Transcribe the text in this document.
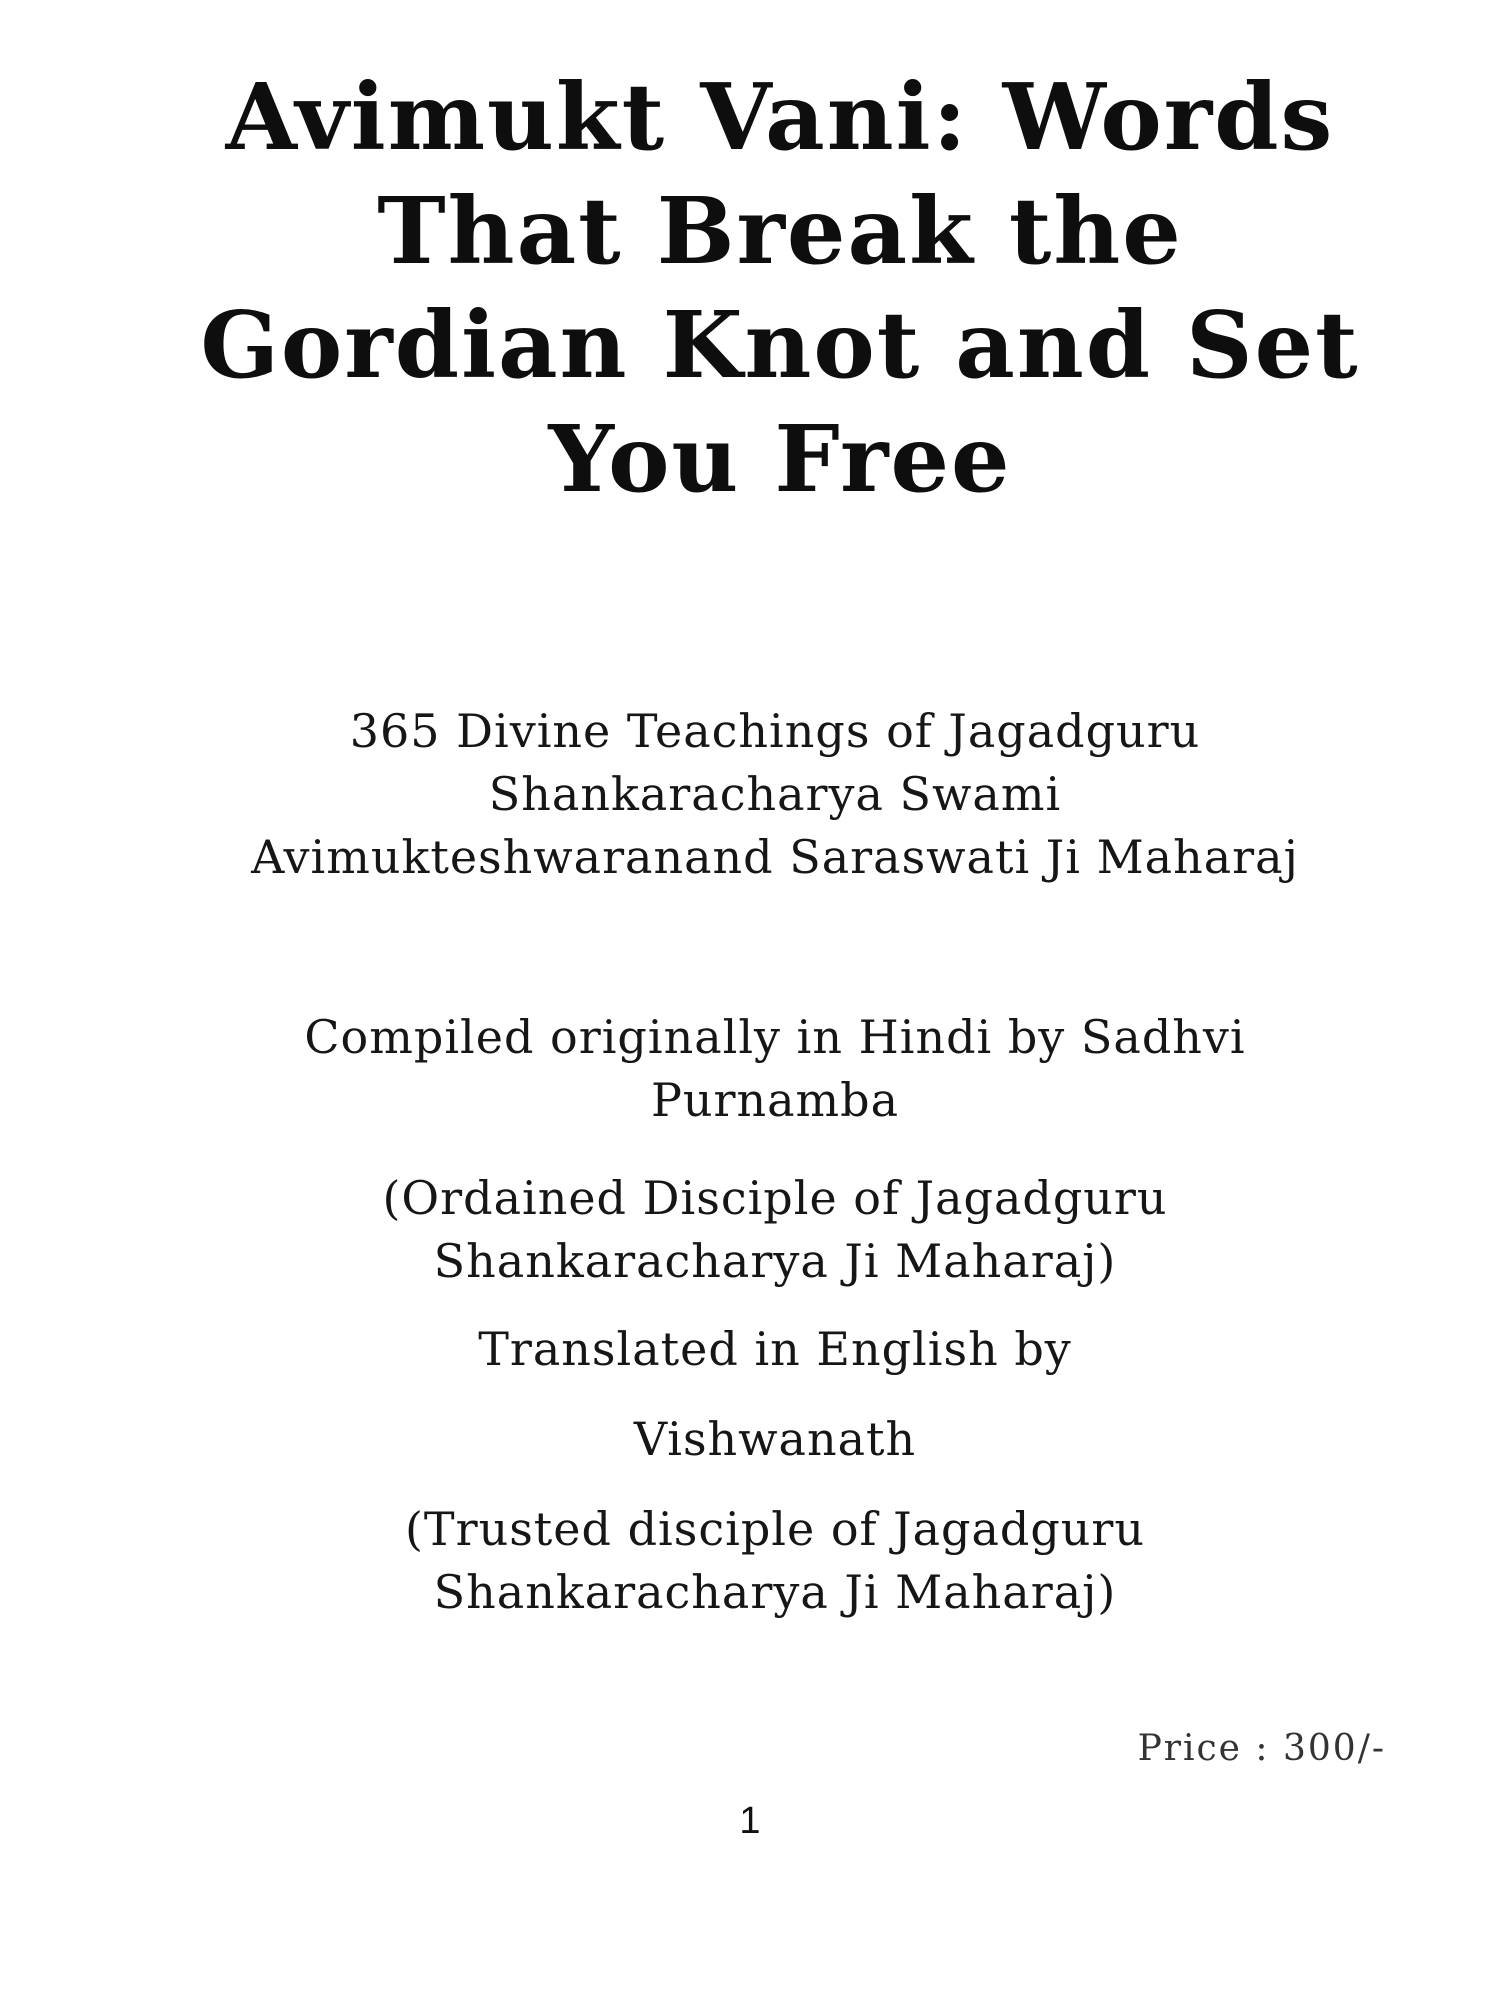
Avimukt Vani: Words
That Break the
Gordian Knot and Set
You Free
365 Divine Teachings of Jagadguru
Shankaracharya Swami
Avimukteshwaranand Saraswati Ji Maharaj
Compiled originally in Hindi by Sadhvi
Purnamba
(Ordained Disciple of Jagadguru
Shankaracharya Ji Maharaj)
Translated in English by
Vishwanath
(Trusted disciple of Jagadguru
Shankaracharya Ji Maharaj)
Price : 300/-
1
